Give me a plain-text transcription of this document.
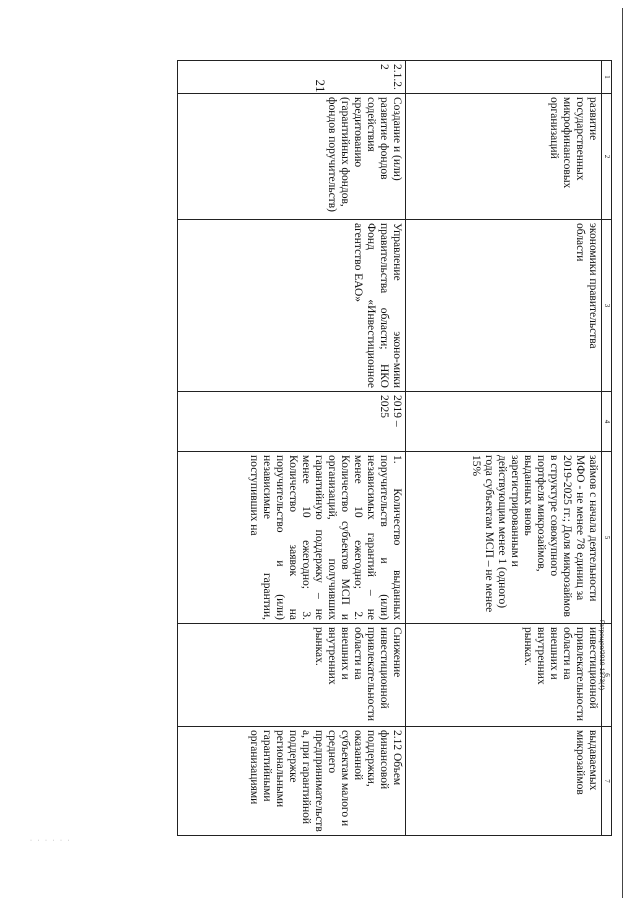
21
1	2	3	4	5	6	7
	развитие государственных микрофинансовых организаций	экономики правительства области		займов с начала деятельности МФО - не менее 78 единиц за 2019-2025 гг.; Доля микрозаймов в структуре совокупного портфеля микрозаймов, выданных вновь зарегистрированным и действующим менее 1 (одного) года субъектам МСП – не менее 15%	инвестиционной привлекательности области на внешних и внутренних рынках.	выдаваемых микрозаймов
2.1.2.2	Создание и (или) развитие фондов содействия кредитованию (гарантийных фондов, фондов поручительств)	Управление эконо-мики правительства области; НКО Фонд «Инвестиционное агентство ЕАО»	2019 – 2025	1. Количество выданных поручительств и (или) независимых гарантий – не менее 10 ежегодно; 2. Количество субъектов МСП и организаций, получивших гарантийную поддержку – не менее 10 ежегодно; 3. Количество заявок на поручительство и (или) независимые гарантии, поступивших на	Снижение инвестиционной привлекательности области на внешних и внутренних рынках.	2.12 Объем финансовой поддержки, оказанной субъектам малого и среднего предпринимательства, при гарантийной поддержке региональными гарантийными организациями
Гатрещев/2019-1373(4)
· · · · · ·
